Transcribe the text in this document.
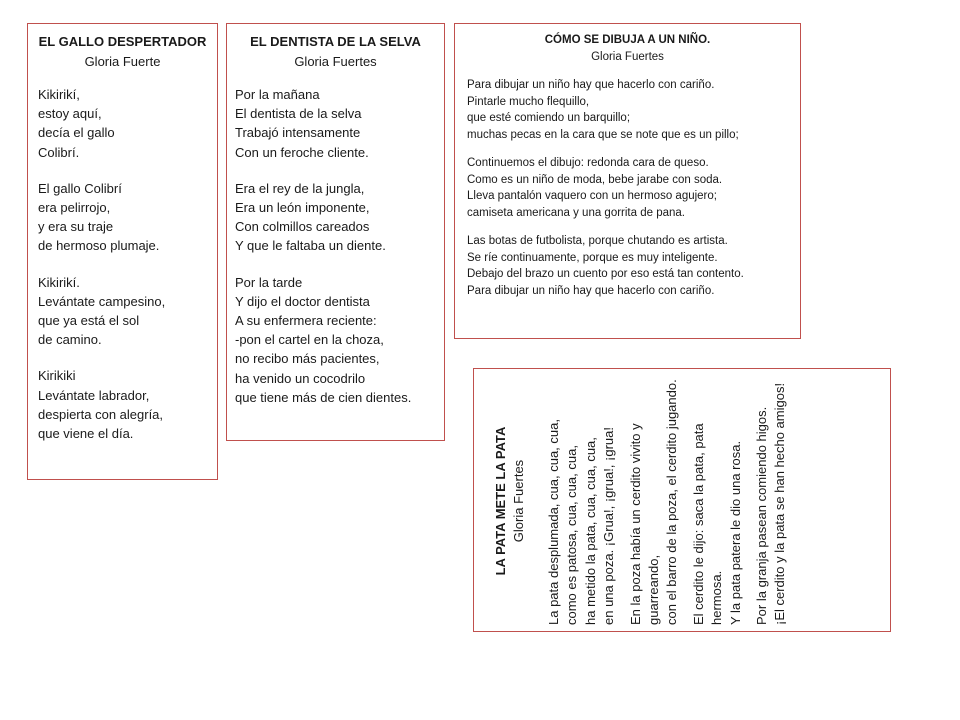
EL GALLO DESPERTADOR
Gloria Fuerte
Kikirikí,
estoy aquí,
decía el gallo
Colibrí.
El gallo Colibrí
era pelirrojo,
y era su traje
de hermoso plumaje.
Kikirikí.
Levántate campesino,
que ya está el sol
de camino.
Kirikiki
Levántate labrador,
despierta con alegría,
que viene el día.
EL DENTISTA DE LA SELVA
Gloria Fuertes
Por la mañana
El dentista de la selva
Trabajó intensamente
Con un feroche cliente.
Era el rey de la jungla,
Era un león imponente,
Con colmillos careados
Y que le faltaba un diente.
Por la tarde
Y dijo el doctor dentista
A su enfermera reciente:
-pon el cartel en la choza,
no recibo más pacientes,
ha venido un cocodrilo
que tiene más de cien dientes.
CÓMO SE DIBUJA A UN NIÑO.
Gloria Fuertes
Para dibujar un niño hay que hacerlo con cariño.
Pintarle mucho flequillo,
que esté comiendo un barquillo;
muchas pecas en la cara que se note que es un pillo;
Continuemos el dibujo: redonda cara de queso.
Como es un niño de moda, bebe jarabe con soda.
Lleva pantalón vaquero con un hermoso agujero;
camiseta americana y una gorrita de pana.
Las botas de futbolista, porque chutando es artista.
Se ríe continuamente, porque es muy inteligente.
Debajo del brazo un cuento por eso está tan contento.
Para dibujar un niño hay que hacerlo con cariño.
LA PATA METE LA PATA Gloria Fuertes La pata desplumada, cua, cua, cua, como es patosa, cua, cua, cua, ha metido la pata, cua, cua, cua, en una poza. ¡Grua!, ¡grua!, ¡grua! En la poza había un cerdito vivito y guarreando, con el barro de la poza, el cerdito jugando. El cerdito le dijo: saca la pata, pata hermosa. Y la pata patera le dio una rosa. Por la granja pasean comiendo higos. ¡El cerdito y la pata se han hecho amigos!
